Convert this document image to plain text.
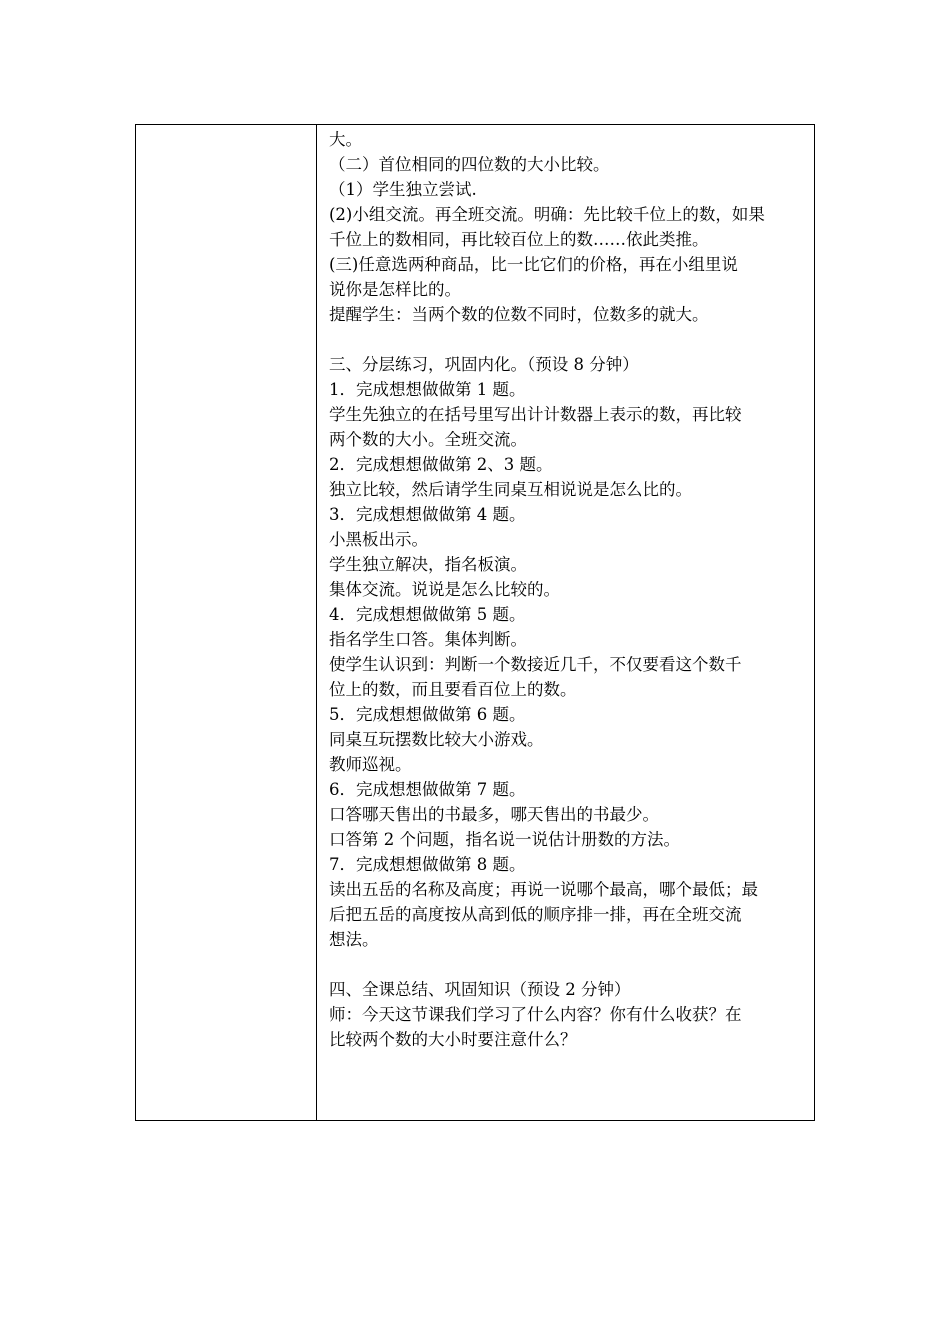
大。
（二）首位相同的四位数的大小比较。
（1）学生独立尝试.
(2)小组交流。再全班交流。明确：先比较千位上的数，如果
千位上的数相同，再比较百位上的数……依此类推。
(三)任意选两种商品，比一比它们的价格，再在小组里说
说你是怎样比的。
提醒学生：当两个数的位数不同时，位数多的就大。
三、分层练习，巩固内化。（预设 8 分钟）
1．完成想想做做第 1 题。
学生先独立的在括号里写出计计数器上表示的数，再比较
两个数的大小。全班交流。
2．完成想想做做第 2、3 题。
独立比较，然后请学生同桌互相说说是怎么比的。
3．完成想想做做第 4 题。
小黑板出示。
学生独立解决，指名板演。
集体交流。说说是怎么比较的。
4．完成想想做做第 5 题。
指名学生口答。集体判断。
使学生认识到：判断一个数接近几千，不仅要看这个数千
位上的数，而且要看百位上的数。
5．完成想想做做第 6 题。
同桌互玩摆数比较大小游戏。
教师巡视。
6．完成想想做做第 7 题。
口答哪天售出的书最多，哪天售出的书最少。
口答第 2 个问题，指名说一说估计册数的方法。
7．完成想想做做第 8 题。
读出五岳的名称及高度；再说一说哪个最高，哪个最低；最
后把五岳的高度按从高到低的顺序排一排，再在全班交流
想法。
四、全课总结、巩固知识（预设 2 分钟）
师：今天这节课我们学习了什么内容？你有什么收获？在
比较两个数的大小时要注意什么？
